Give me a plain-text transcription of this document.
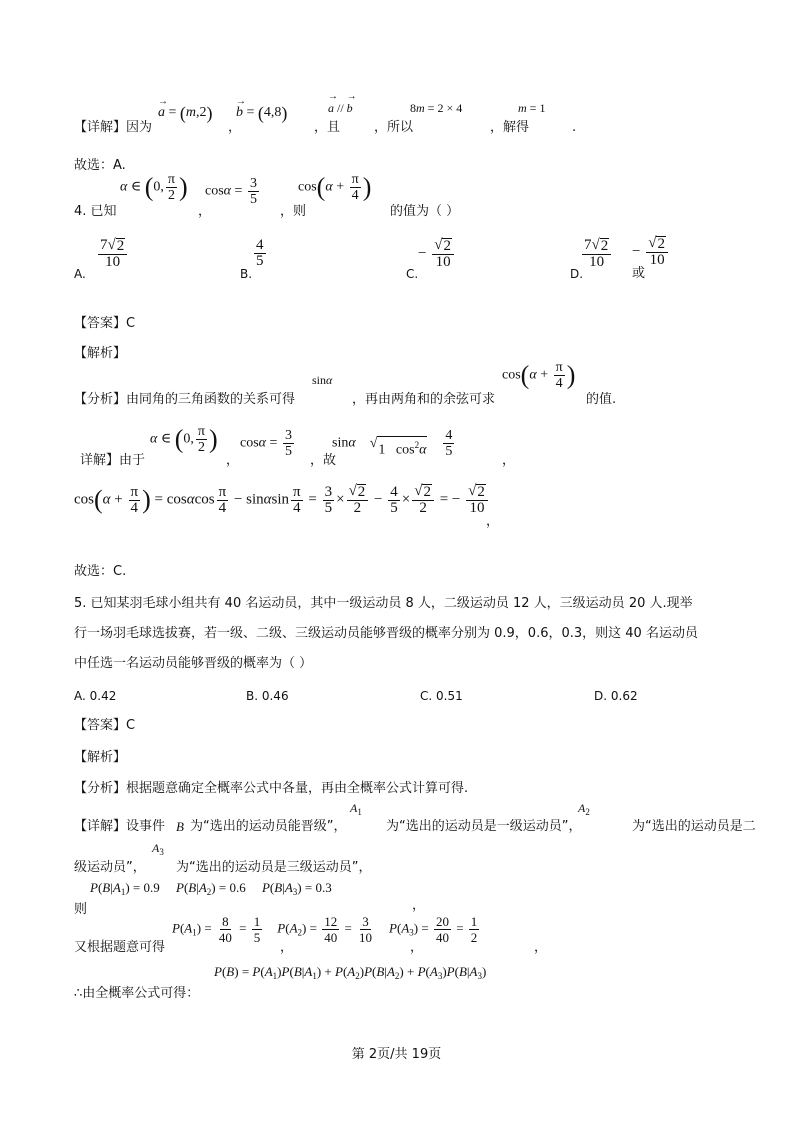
→ a = (m,2) → b = (4,8)	→ a // → b	8m = 2 × 4	m = 1
【详解】因为	，	，且	，所以	，解得	.
故选：A.
α ∈ (0, $\frac{\pi}{2}$ ) $\cos\alpha = \frac{3}{5}$	$\cos(\alpha + \frac{\pi}{4}$ )
4. 已知	，	，则	的值为（ ）
A.
$\frac{7√ 2}{10}$
B.
$\frac{4}{5}$
C.
− $\frac{√ 2}{10}$
D.
$\frac{7√ 2}{10} - \frac{√ 2}{10}$
或
【答案】C
【解析】
sinα	$\cos(\alpha + \frac{\pi}{4}$ )
【分析】由同角的三角函数的关系可得	，再由两角和的余弦可求	的值.
α ∈ (0, $\frac{\pi}{2}$ ) $\cos\alpha = \frac{3}{5}$	sinα √ 1   $\cos^2\alpha$
$\frac{4}{5}$
详解】由于	，	，故	，
$\cos(\alpha + \frac{\pi}{4}$ ) = cosαcos $\frac{\pi}{4} - \sin\alpha\sin \frac{\pi}{4} = \frac{3}{5} \times \frac{√ 2}{2} - \frac{4}{5} \times \frac{√ 2}{2}$ = − $\frac{√ 2}{10}$
，
故选：C.
5. 已知某羽毛球小组共有 40 名运动员，其中一级运动员 8 人，二级运动员 12 人，三级运动员 20 人.现举
行一场羽毛球选拔赛，若一级、二级、三级运动员能够晋级的概率分别为 0.9，0.6，0.3，则这 40 名运动员
中任选一名运动员能够晋级的概率为（ ）
A. 0.42	B. 0.46	C. 0.51	D. 0.62
【答案】C
【解析】
【分析】根据题意确定全概率公式中各量，再由全概率公式计算可得.
$A_1$	$A_2$
【详解】设事件 B 为“选出的运动员能晋级”，	为“选出的运动员是一级运动员”，	为“选出的运动员是二
$A_3$
级运动员”， 为“选出的运动员是三级运动员”，
$P(B|A_1) = 0.9$     $P(B|A_2) = 0.6$     $P(B|A_3) = 0.3$
则	，
$P(A_1) = \frac{8}{40} = \frac{1}{5} P(A_2) = \frac{12}{40} = \frac{3}{10} P(A_3) = \frac{20}{40} = \frac{1}{2}$
又根据题意可得	，	，	，
$P(B) = P(A_1)P(B|A_1) + P(A_2)P(B|A_2) + P(A_3)P(B|A_3)$
∴由全概率公式可得：
第 2页/共 19页
